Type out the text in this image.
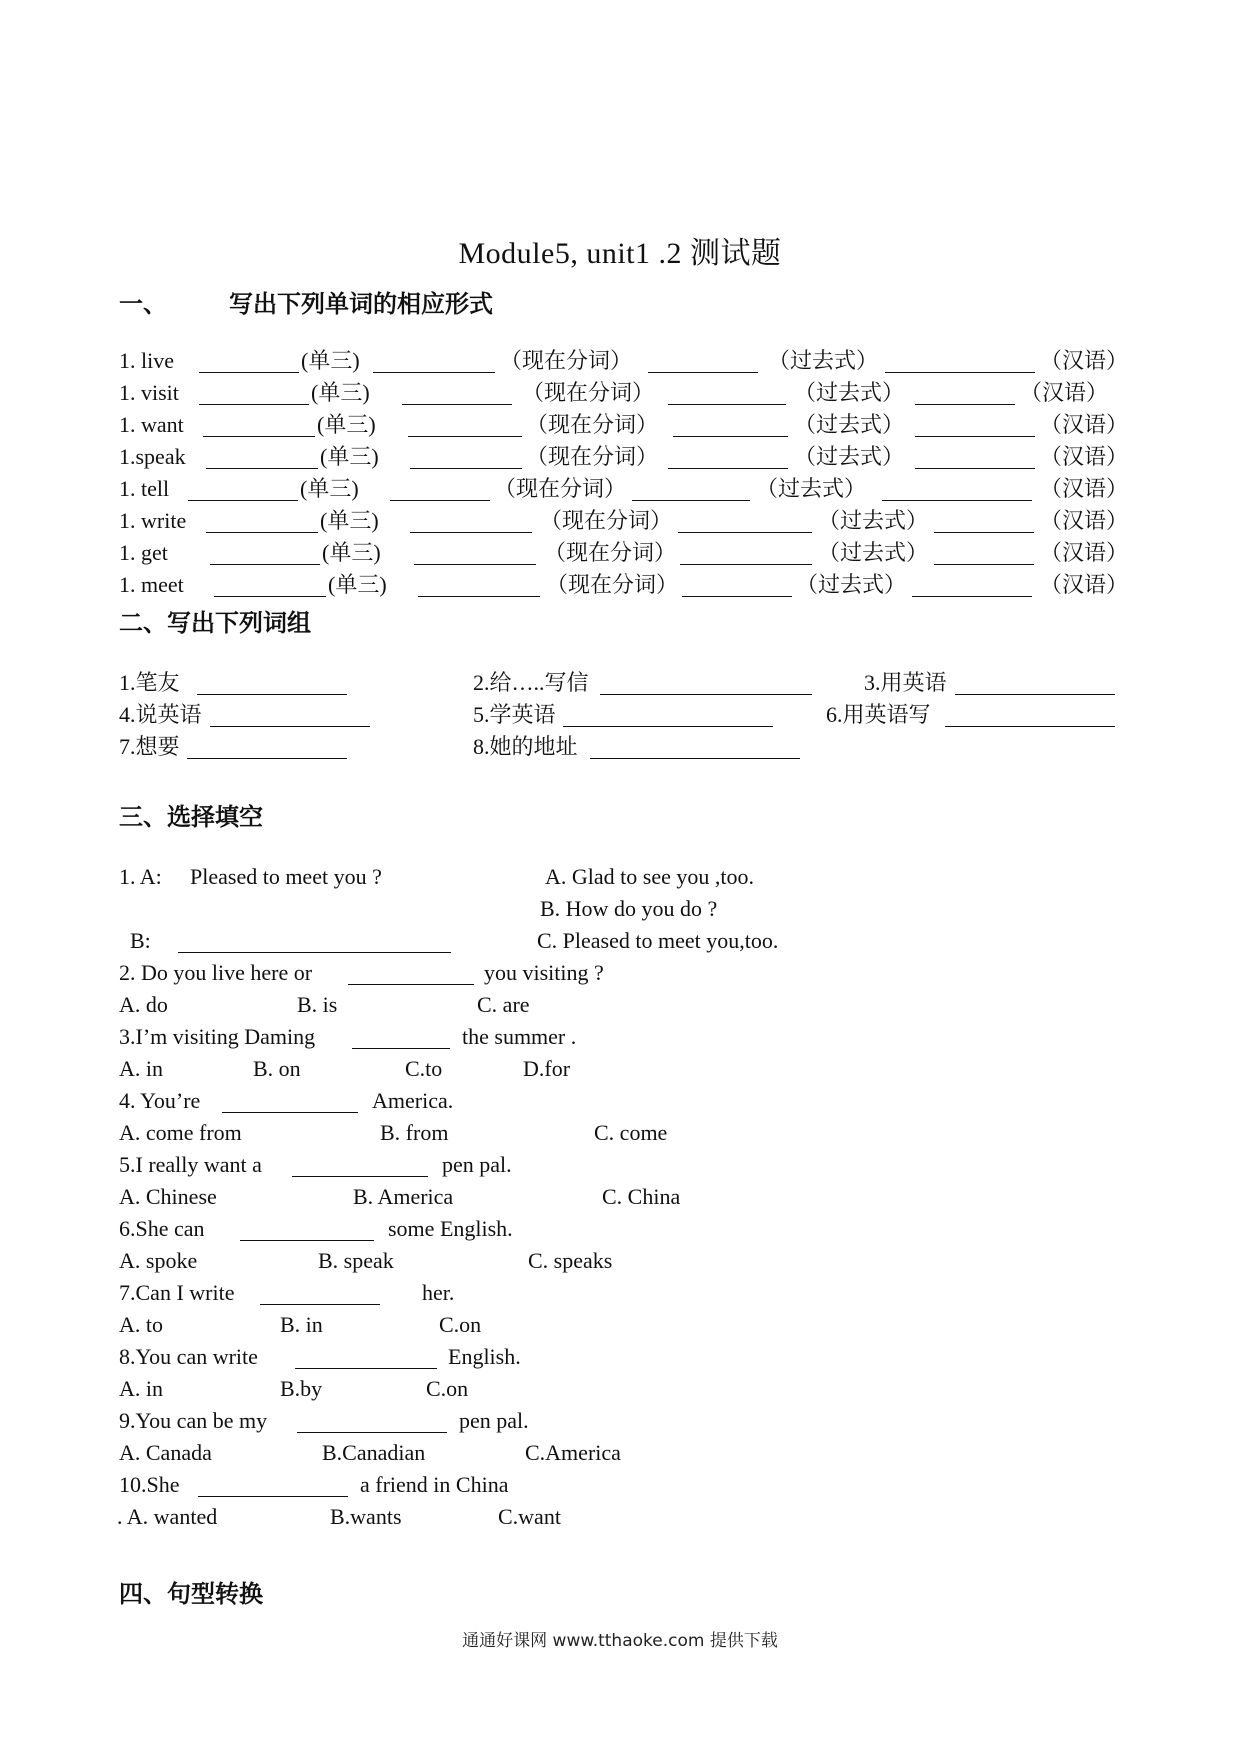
Module5, unit1 .2 测试题
一、	写出下列单词的相应形式
1. live	(单三)	（现在分词）	（过去式）	（汉语）
1. visit	(单三)	（现在分词）	（过去式）	（汉语）
1. want	(单三)	（现在分词）	（过去式）	（汉语）
1.speak	(单三)	（现在分词）	（过去式）	（汉语）
1. tell	(单三)	（现在分词）	（过去式）	（汉语）
1. write	(单三)	（现在分词）	（过去式）	（汉语）
1. get	(单三)	（现在分词）	（过去式）	（汉语）
1. meet	(单三)	（现在分词）	（过去式）	（汉语）
二、写出下列词组
1.笔友	2.给…..写信	3.用英语
4.说英语	5.学英语	6.用英语写
7.想要	8.她的地址
三、选择填空
1. A: Pleased to meet you ?	A. Glad to see you ,too.
B. How do you do ?
B:	C. Pleased to meet you,too.
2. Do you live here or	you visiting ?
A. do	B. is	C. are
3.I’m visiting Daming	the summer .
A. in	B. on	C.to	D.for
4. You’re	America.
A. come from	B. from	C. come
5.I really want a	pen pal.
A. Chinese	B. America	C. China
6.She can	some English.
A. spoke	B. speak	C. speaks
7.Can I write	her.
A. to	B. in	C.on
8.You can write	English.
A. in	B.by	C.on
9.You can be my	pen pal.
A. Canada	B.Canadian	C.America
10.She	a friend in China
. A. wanted	B.wants	C.want
四、句型转换
通通好课网 www.tthaoke.com 提供下载
